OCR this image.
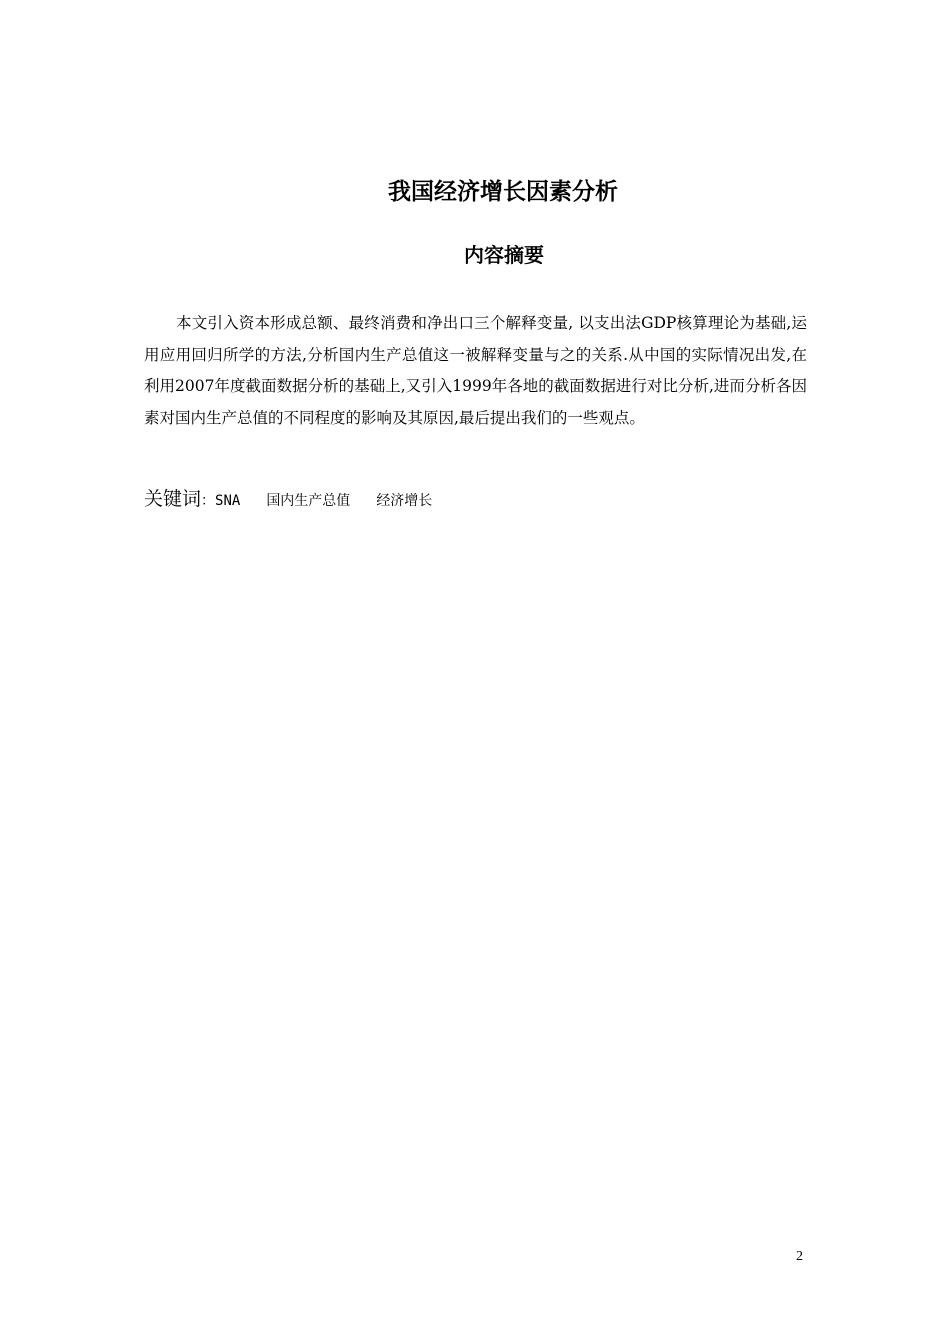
我国经济增长因素分析
内容摘要

本文引入资本形成总额、最终消费和净出口三个解释变量, 以支出法GDP核算理论为基础,运用应用回归所学的方法,分析国内生产总值这一被解释变量与之的关系.从中国的实际情况出发,在利用2007年度截面数据分析的基础上,又引入1999年各地的截面数据进行对比分析,进而分析各因素对国内生产总值的不同程度的影响及其原因,最后提出我们的一些观点。

关键词：SNA 国内生产总值 经济增长
2
